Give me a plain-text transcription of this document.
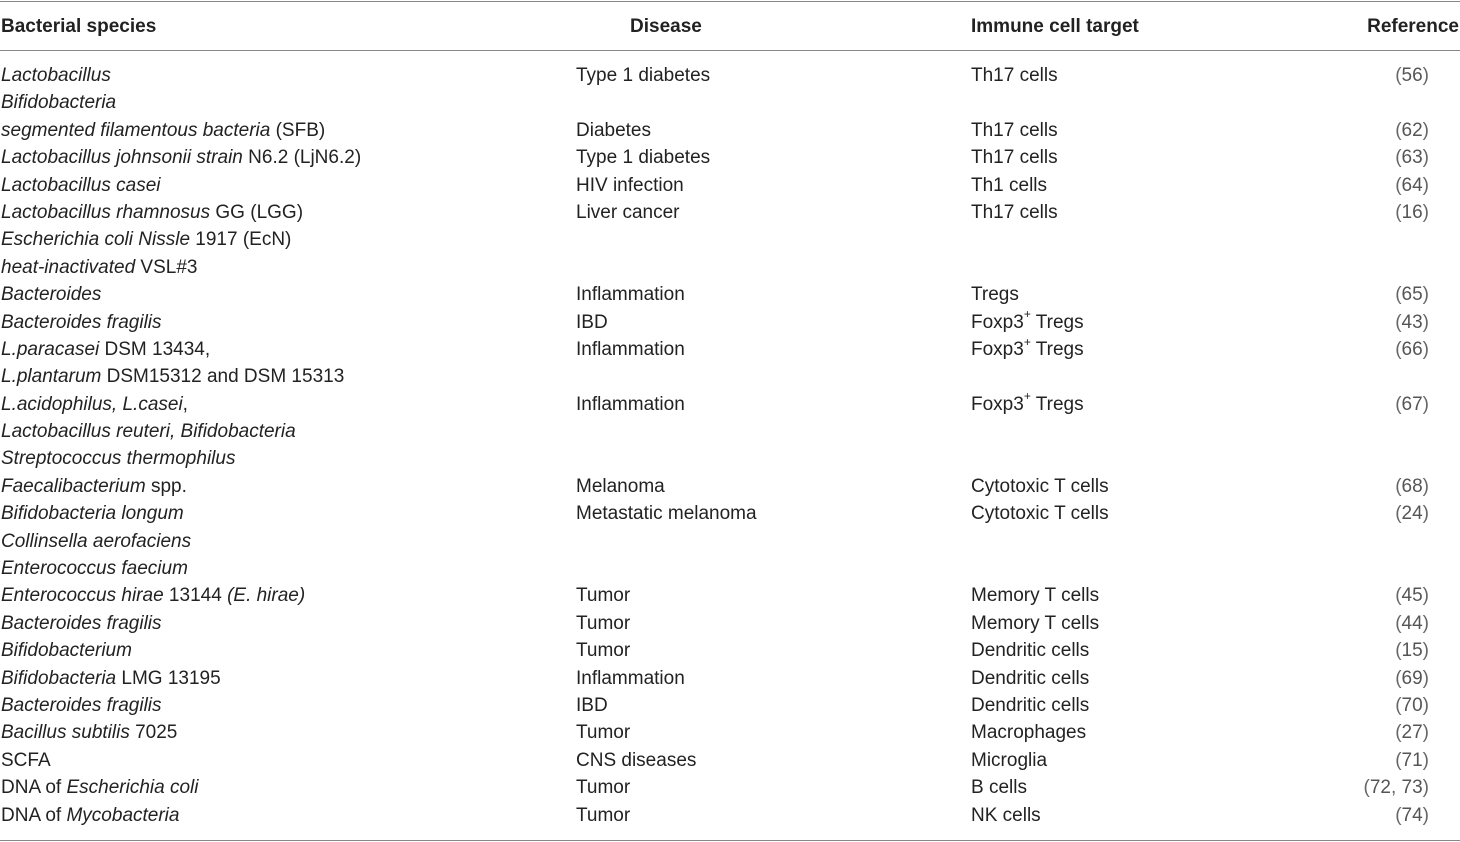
Bacterial species	Disease	Immune cell target	Reference
Lactobacillus	Type 1 diabetes	Th17 cells	(56)
Bifidobacteria
segmented filamentous bacteria (SFB)	Diabetes	Th17 cells	(62)
Lactobacillus johnsonii strain N6.2 (LjN6.2)	Type 1 diabetes	Th17 cells	(63)
Lactobacillus casei	HIV infection	Th1 cells	(64)
Lactobacillus rhamnosus GG (LGG)	Liver cancer	Th17 cells	(16)
Escherichia coli Nissle 1917 (EcN)
heat-inactivated VSL#3
Bacteroides	Inflammation	Tregs	(65)
Bacteroides fragilis	IBD	Foxp3+ Tregs	(43)
L.paracasei DSM 13434,	Inflammation	Foxp3+ Tregs	(66)
L.plantarum DSM15312 and DSM 15313
L.acidophilus, L.casei,	Inflammation	Foxp3+ Tregs	(67)
Lactobacillus reuteri, Bifidobacteria
Streptococcus thermophilus
Faecalibacterium spp.	Melanoma	Cytotoxic T cells	(68)
Bifidobacteria longum	Metastatic melanoma	Cytotoxic T cells	(24)
Collinsella aerofaciens
Enterococcus faecium
Enterococcus hirae 13144 (E. hirae)	Tumor	Memory T cells	(45)
Bacteroides fragilis	Tumor	Memory T cells	(44)
Bifidobacterium	Tumor	Dendritic cells	(15)
Bifidobacteria LMG 13195	Inflammation	Dendritic cells	(69)
Bacteroides fragilis	IBD	Dendritic cells	(70)
Bacillus subtilis 7025	Tumor	Macrophages	(27)
SCFA	CNS diseases	Microglia	(71)
DNA of Escherichia coli	Tumor	B cells	(72, 73)
DNA of Mycobacteria	Tumor	NK cells	(74)
